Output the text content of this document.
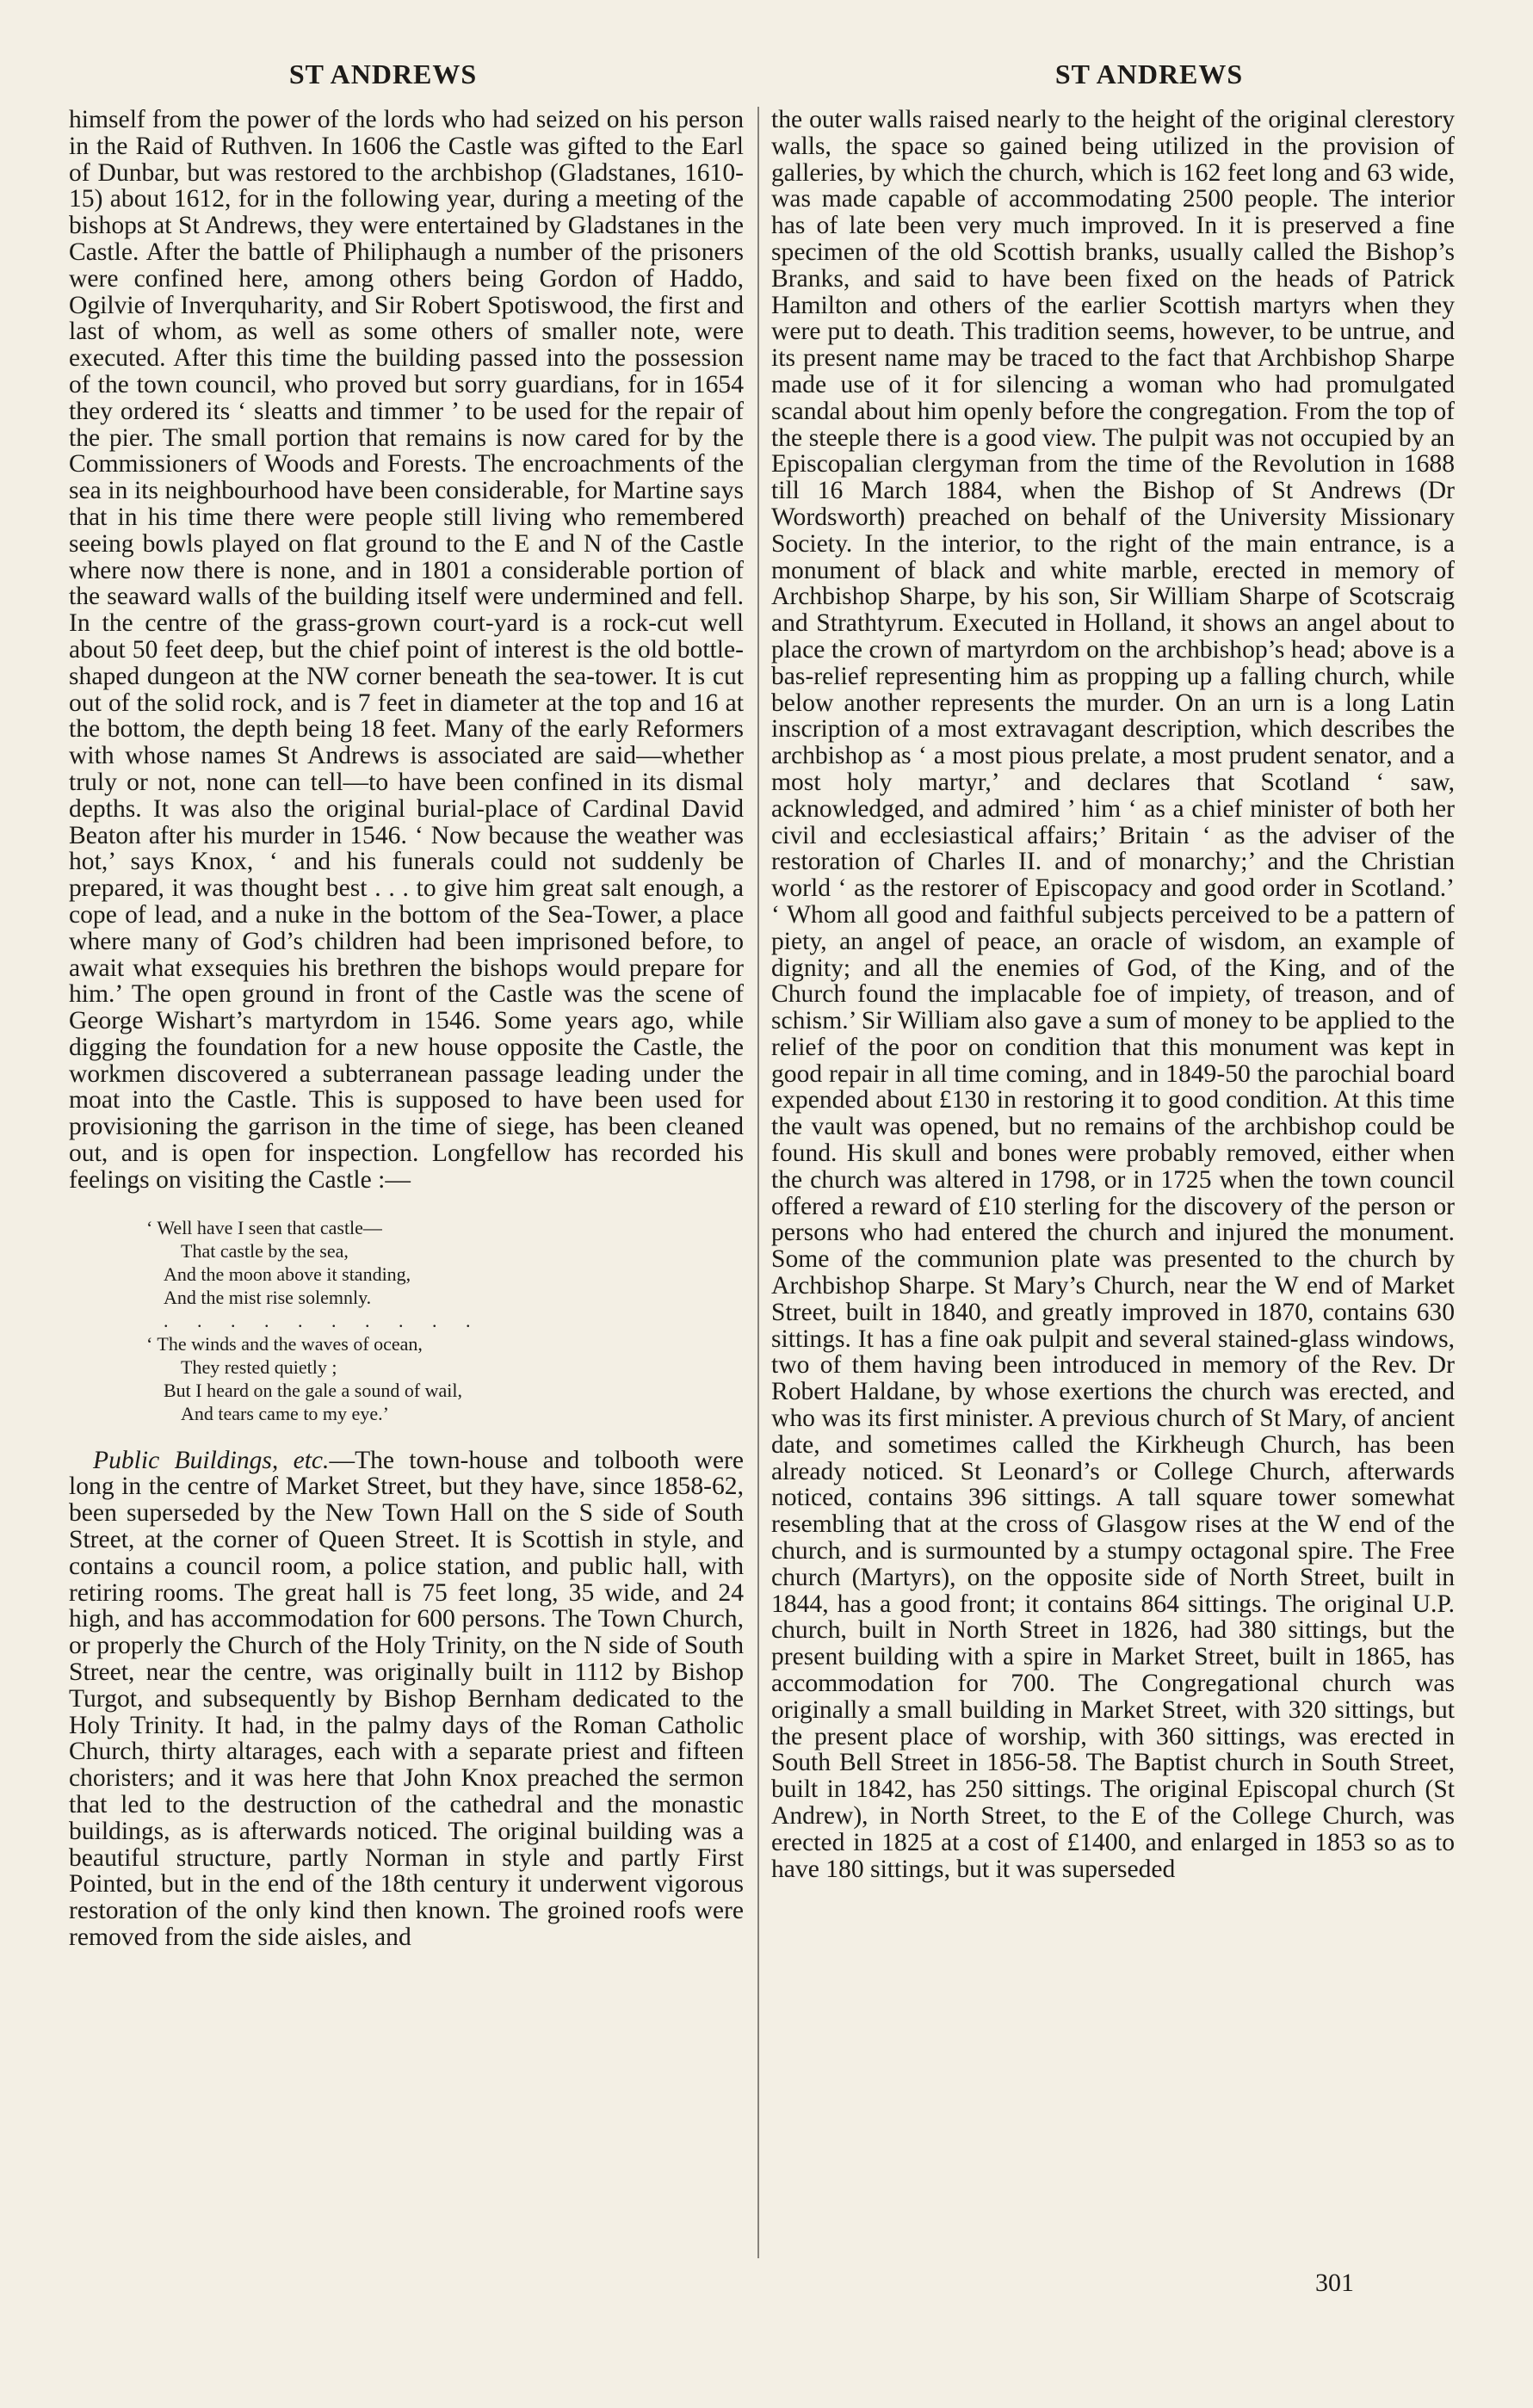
ST ANDREWS	ST ANDREWS

himself from the power of the lords who had seized on his person in the Raid of Ruthven. In 1606 the Castle was gifted to the Earl of Dunbar, but was restored to the archbishop (Gladstanes, 1610-15) about 1612, for in the following year, during a meeting of the bishops at St Andrews, they were entertained by Gladstanes in the Castle. After the battle of Philiphaugh a number of the prisoners were confined here, among others being Gordon of Haddo, Ogilvie of Inverquharity, and Sir Robert Spotiswood, the first and last of whom, as well as some others of smaller note, were executed. After this time the building passed into the possession of the town council, who proved but sorry guardians, for in 1654 they ordered its ‘ sleatts and timmer ’ to be used for the repair of the pier. The small portion that remains is now cared for by the Commissioners of Woods and Forests. The encroachments of the sea in its neighbourhood have been considerable, for Martine says that in his time there were people still living who remembered seeing bowls played on flat ground to the E and N of the Castle where now there is none, and in 1801 a considerable portion of the seaward walls of the building itself were undermined and fell. In the centre of the grass-grown court-yard is a rock-cut well about 50 feet deep, but the chief point of interest is the old bottle-shaped dungeon at the NW corner beneath the sea-tower. It is cut out of the solid rock, and is 7 feet in diameter at the top and 16 at the bottom, the depth being 18 feet. Many of the early Reformers with whose names St Andrews is associated are said—whether truly or not, none can tell—to have been confined in its dismal depths. It was also the original burial-place of Cardinal David Beaton after his murder in 1546. ‘ Now because the weather was hot,’ says Knox, ‘ and his funerals could not suddenly be prepared, it was thought best . . . to give him great salt enough, a cope of lead, and a nuke in the bottom of the Sea-Tower, a place where many of God’s children had been imprisoned before, to await what exsequies his brethren the bishops would prepare for him.’ The open ground in front of the Castle was the scene of George Wishart’s martyrdom in 1546. Some years ago, while digging the foundation for a new house opposite the Castle, the workmen discovered a subterranean passage leading under the moat into the Castle. This is supposed to have been used for provisioning the garrison in the time of siege, has been cleaned out, and is open for inspection. Longfellow has recorded his feelings on visiting the Castle :—

‘ Well have I seen that castle—
That castle by the sea,
And the moon above it standing,
And the mist rise solemnly.
. . . . . . . . . .
‘ The winds and the waves of ocean,
They rested quietly ;
But I heard on the gale a sound of wail,
And tears came to my eye.’

Public Buildings, etc.—The town-house and tolbooth were long in the centre of Market Street, but they have, since 1858-62, been superseded by the New Town Hall on the S side of South Street, at the corner of Queen Street. It is Scottish in style, and contains a council room, a police station, and public hall, with retiring rooms. The great hall is 75 feet long, 35 wide, and 24 high, and has accommodation for 600 persons. The Town Church, or properly the Church of the Holy Trinity, on the N side of South Street, near the centre, was originally built in 1112 by Bishop Turgot, and subsequently by Bishop Bernham dedicated to the Holy Trinity. It had, in the palmy days of the Roman Catholic Church, thirty altarages, each with a separate priest and fifteen choristers; and it was here that John Knox preached the sermon that led to the destruction of the cathedral and the monastic buildings, as is afterwards noticed. The original building was a beautiful structure, partly Norman in style and partly First Pointed, but in the end of the 18th century it underwent vigorous restoration of the only kind then known. The groined roofs were removed from the side aisles, and

the outer walls raised nearly to the height of the original clerestory walls, the space so gained being utilized in the provision of galleries, by which the church, which is 162 feet long and 63 wide, was made capable of accommodating 2500 people. The interior has of late been very much improved. In it is preserved a fine specimen of the old Scottish branks, usually called the Bishop’s Branks, and said to have been fixed on the heads of Patrick Hamilton and others of the earlier Scottish martyrs when they were put to death. This tradition seems, however, to be untrue, and its present name may be traced to the fact that Archbishop Sharpe made use of it for silencing a woman who had promulgated scandal about him openly before the congregation. From the top of the steeple there is a good view. The pulpit was not occupied by an Episcopalian clergyman from the time of the Revolution in 1688 till 16 March 1884, when the Bishop of St Andrews (Dr Wordsworth) preached on behalf of the University Missionary Society. In the interior, to the right of the main entrance, is a monument of black and white marble, erected in memory of Archbishop Sharpe, by his son, Sir William Sharpe of Scotscraig and Strathtyrum. Executed in Holland, it shows an angel about to place the crown of martyrdom on the archbishop’s head; above is a bas-relief representing him as propping up a falling church, while below another represents the murder. On an urn is a long Latin inscription of a most extravagant description, which describes the archbishop as ‘ a most pious prelate, a most prudent senator, and a most holy martyr,’ and declares that Scotland ‘ saw, acknowledged, and admired ’ him ‘ as a chief minister of both her civil and ecclesiastical affairs;’ Britain ‘ as the adviser of the restoration of Charles II. and of monarchy;’ and the Christian world ‘ as the restorer of Episcopacy and good order in Scotland.’ ‘ Whom all good and faithful subjects perceived to be a pattern of piety, an angel of peace, an oracle of wisdom, an example of dignity; and all the enemies of God, of the King, and of the Church found the implacable foe of impiety, of treason, and of schism.’ Sir William also gave a sum of money to be applied to the relief of the poor on condition that this monument was kept in good repair in all time coming, and in 1849-50 the parochial board expended about £130 in restoring it to good condition. At this time the vault was opened, but no remains of the archbishop could be found. His skull and bones were probably removed, either when the church was altered in 1798, or in 1725 when the town council offered a reward of £10 sterling for the discovery of the person or persons who had entered the church and injured the monument. Some of the communion plate was presented to the church by Archbishop Sharpe. St Mary’s Church, near the W end of Market Street, built in 1840, and greatly improved in 1870, contains 630 sittings. It has a fine oak pulpit and several stained-glass windows, two of them having been introduced in memory of the Rev. Dr Robert Haldane, by whose exertions the church was erected, and who was its first minister. A previous church of St Mary, of ancient date, and sometimes called the Kirkheugh Church, has been already noticed. St Leonard’s or College Church, afterwards noticed, contains 396 sittings. A tall square tower somewhat resembling that at the cross of Glasgow rises at the W end of the church, and is surmounted by a stumpy octagonal spire. The Free church (Martyrs), on the opposite side of North Street, built in 1844, has a good front; it contains 864 sittings. The original U.P. church, built in North Street in 1826, had 380 sittings, but the present building with a spire in Market Street, built in 1865, has accommodation for 700. The Congregational church was originally a small building in Market Street, with 320 sittings, but the present place of worship, with 360 sittings, was erected in South Bell Street in 1856-58. The Baptist church in South Street, built in 1842, has 250 sittings. The original Episcopal church (St Andrew), in North Street, to the E of the College Church, was erected in 1825 at a cost of £1400, and enlarged in 1853 so as to have 180 sittings, but it was superseded

301
